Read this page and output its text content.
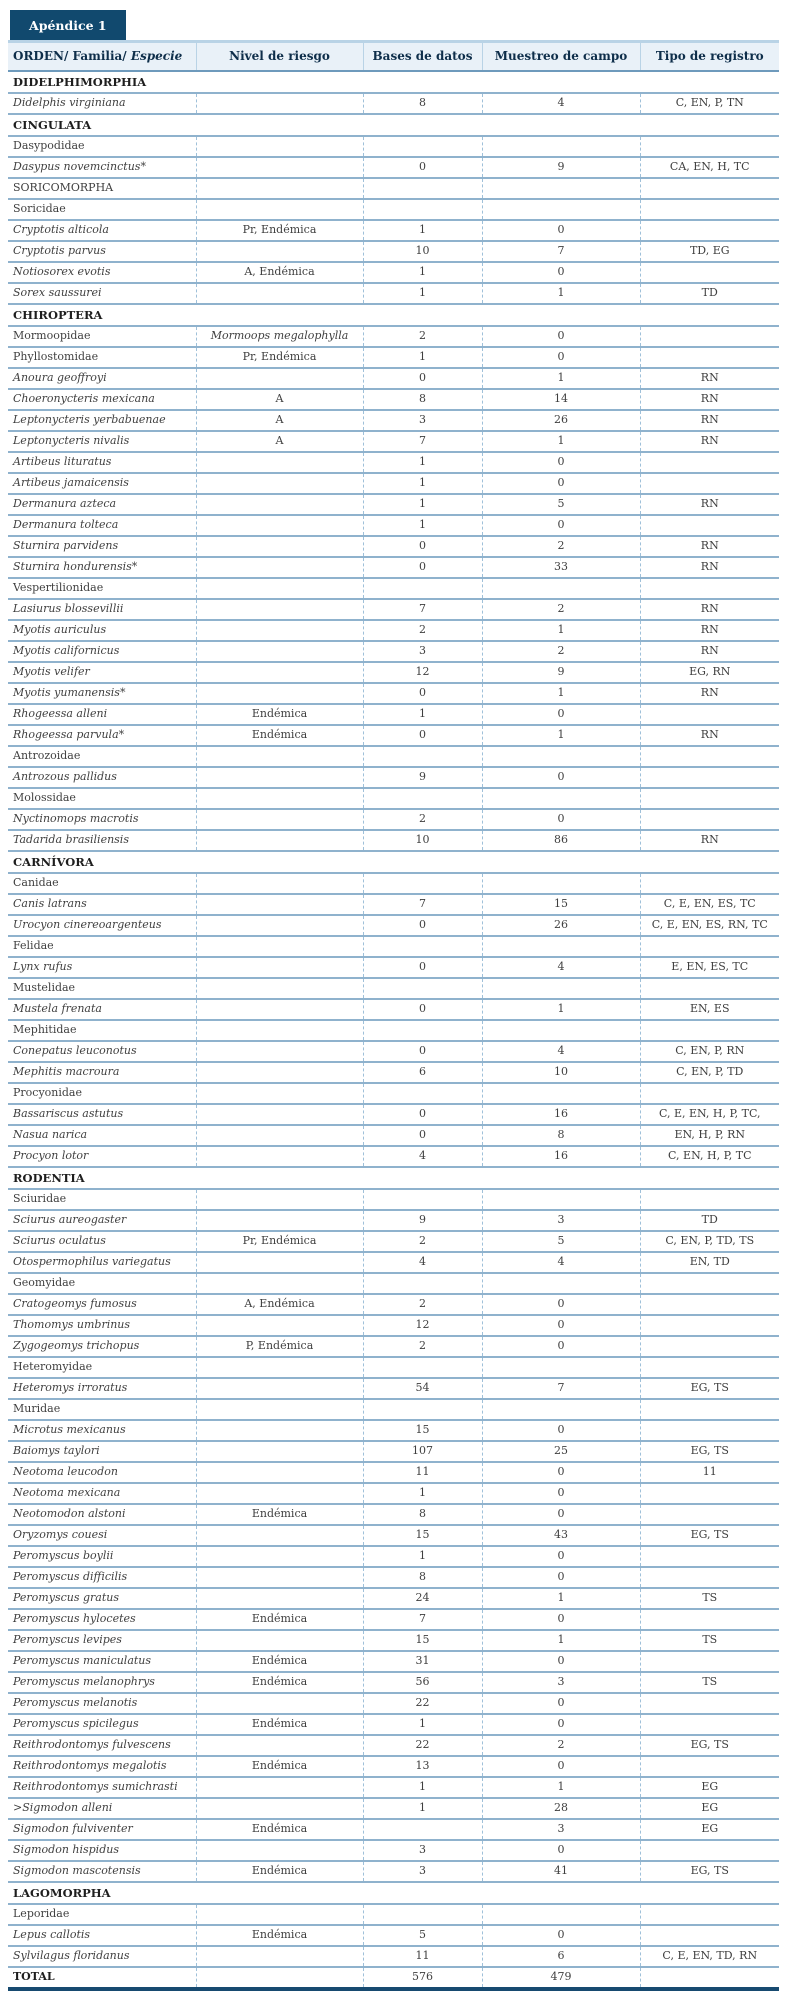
Apéndice 1
ORDEN/ Familia/ Especie	Nivel de riesgo	Bases de datos	Muestreo de campo	Tipo de registro
DIDELPHIMORPHIA				
Didelphis virginiana		8	4	C, EN, P, TN
CINGULATA				
Dasypodidae				
Dasypus novemcinctus*		0	9	CA, EN, H, TC
SORICOMORPHA				
Soricidae				
Cryptotis alticola	Pr, Endémica	1	0	
Cryptotis parvus		10	7	TD, EG
Notiosorex evotis	A, Endémica	1	0	
Sorex saussurei		1	1	TD
CHIROPTERA				
Mormoopidae	Mormoops megalophylla	2	0	
Phyllostomidae	Pr, Endémica	1	0	
Anoura geoffroyi		0	1	RN
Choeronycteris mexicana	A	8	14	RN
Leptonycteris yerbabuenae	A	3	26	RN
Leptonycteris nivalis	A	7	1	RN
Artibeus lituratus		1	0	
Artibeus jamaicensis		1	0	
Dermanura azteca		1	5	RN
Dermanura tolteca		1	0	
Sturnira parvidens		0	2	RN
Sturnira hondurensis*		0	33	RN
Vespertilionidae				
Lasiurus blossevillii		7	2	RN
Myotis auriculus		2	1	RN
Myotis californicus		3	2	RN
Myotis velifer		12	9	EG, RN
Myotis yumanensis*		0	1	RN
Rhogeessa alleni	Endémica	1	0	
Rhogeessa parvula*	Endémica	0	1	RN
Antrozoidae				
Antrozous pallidus		9	0	
Molossidae				
Nyctinomops macrotis		2	0	
Tadarida brasiliensis		10	86	RN
CARNÍVORA				
Canidae				
Canis latrans		7	15	C, E, EN, ES, TC
Urocyon cinereoargenteus		0	26	C, E, EN, ES, RN, TC
Felidae				
Lynx rufus		0	4	E, EN, ES, TC
Mustelidae				
Mustela frenata		0	1	EN, ES
Mephitidae				
Conepatus leuconotus		0	4	C, EN, P, RN
Mephitis macroura		6	10	C, EN, P, TD
Procyonidae				
Bassariscus astutus		0	16	C, E, EN, H, P, TC,
Nasua narica		0	8	EN, H, P, RN
Procyon lotor		4	16	C, EN, H, P, TC
RODENTIA				
Sciuridae				
Sciurus aureogaster		9	3	TD
Sciurus oculatus	Pr, Endémica	2	5	C, EN, P, TD, TS
Otospermophilus variegatus		4	4	EN, TD
Geomyidae				
Cratogeomys fumosus	A, Endémica	2	0	
Thomomys umbrinus		12	0	
Zygogeomys trichopus	P, Endémica	2	0	
Heteromyidae				
Heteromys irroratus		54	7	EG, TS
Muridae				
Microtus mexicanus		15	0	
Baiomys taylori		107	25	EG, TS
Neotoma leucodon		11	0	11
Neotoma mexicana		1	0	
Neotomodon alstoni	Endémica	8	0	
Oryzomys couesi		15	43	EG, TS
Peromyscus boylii		1	0	
Peromyscus difficilis		8	0	
Peromyscus gratus		24	1	TS
Peromyscus hylocetes	Endémica	7	0	
Peromyscus levipes		15	1	TS
Peromyscus maniculatus	Endémica	31	0	
Peromyscus melanophrys	Endémica	56	3	TS
Peromyscus melanotis		22	0	
Peromyscus spicilegus	Endémica	1	0	
Reithrodontomys fulvescens		22	2	EG, TS
Reithrodontomys megalotis	Endémica	13	0	
Reithrodontomys sumichrasti		1	1	EG
>Sigmodon alleni		1	28	EG
Sigmodon fulviventer	Endémica		3	EG
Sigmodon hispidus		3	0	
Sigmodon mascotensis	Endémica	3	41	EG, TS
LAGOMORPHA				
Leporidae				
Lepus callotis	Endémica	5	0	
Sylvilagus floridanus		11	6	C, E, EN, TD, RN
TOTAL		576	479	
